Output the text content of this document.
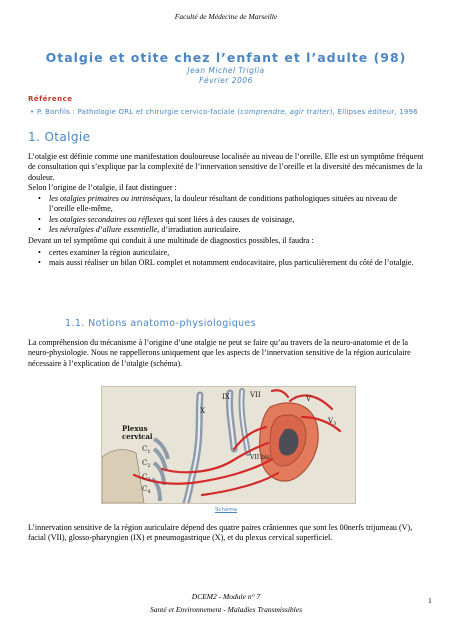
Faculté de Médecine de Marseille
Otalgie et otite chez l’enfant et l’adulte (98)
Jean Michel Triglia
Février 2006
Référence
• P. Bonfils : Pathologie ORL et chirurgie cervico-faciale (comprendre, agir traiter), Ellipses éditeur, 1996
1. Otalgie
L’otalgie est définie comme une manifestation douloureuse localisée au niveau de l’oreille. Elle est un symptôme fréquent de consultation qui s’explique par la complexité de l’innervation sensitive de l’oreille et la diversité des mécanismes de la douleur.
Selon l’origine de l’otalgie, il faut distinguer :
• les otalgies primaires ou intrinsèques, la douleur résultant de conditions pathologiques situées au niveau de l’oreille elle-même,
• les otalgies secondaires ou réflexes qui sont liées à des causes de voisinage,
• les névralgies d’allure essentielle, d’irradiation auriculaire.
Devant un tel symptôme qui conduit à une multitude de diagnostics possibles, il faudra :
• certes examiner la région auriculaire,
• mais aussi réaliser un bilan ORL complet et notamment endocavitaire, plus particulièrement du côté de l’otalgie.
1.1. Notions anatomo-physiologiques
La compréhension du mécanisme à l’origine d’une otalgie ne peut se faire qu’au travers de la neuro-anatomie et de la neuro-physiologie. Nous ne rappellerons uniquement que les aspects de l’innervation sensitive de la région auriculaire nécessaire à l’explication de l’otalgie (schéma).
IX	VII	V
X
$V_3$
Plexus
cervical
VII bis
$C_1$
$C_2$
$C_3$
$C_4$
Schéma
L’innervation sensitive de la région auriculaire dépend des quatre paires crâniennes que sont les 00nerfs trijumeau (V), facial (VII), glosso-pharyngien (IX) et pneumogastrique (X), et du plexus cervical superficiel.
DCEM2 - Module n° 7
Santé et Environnement - Maladies Transmissibles
1
